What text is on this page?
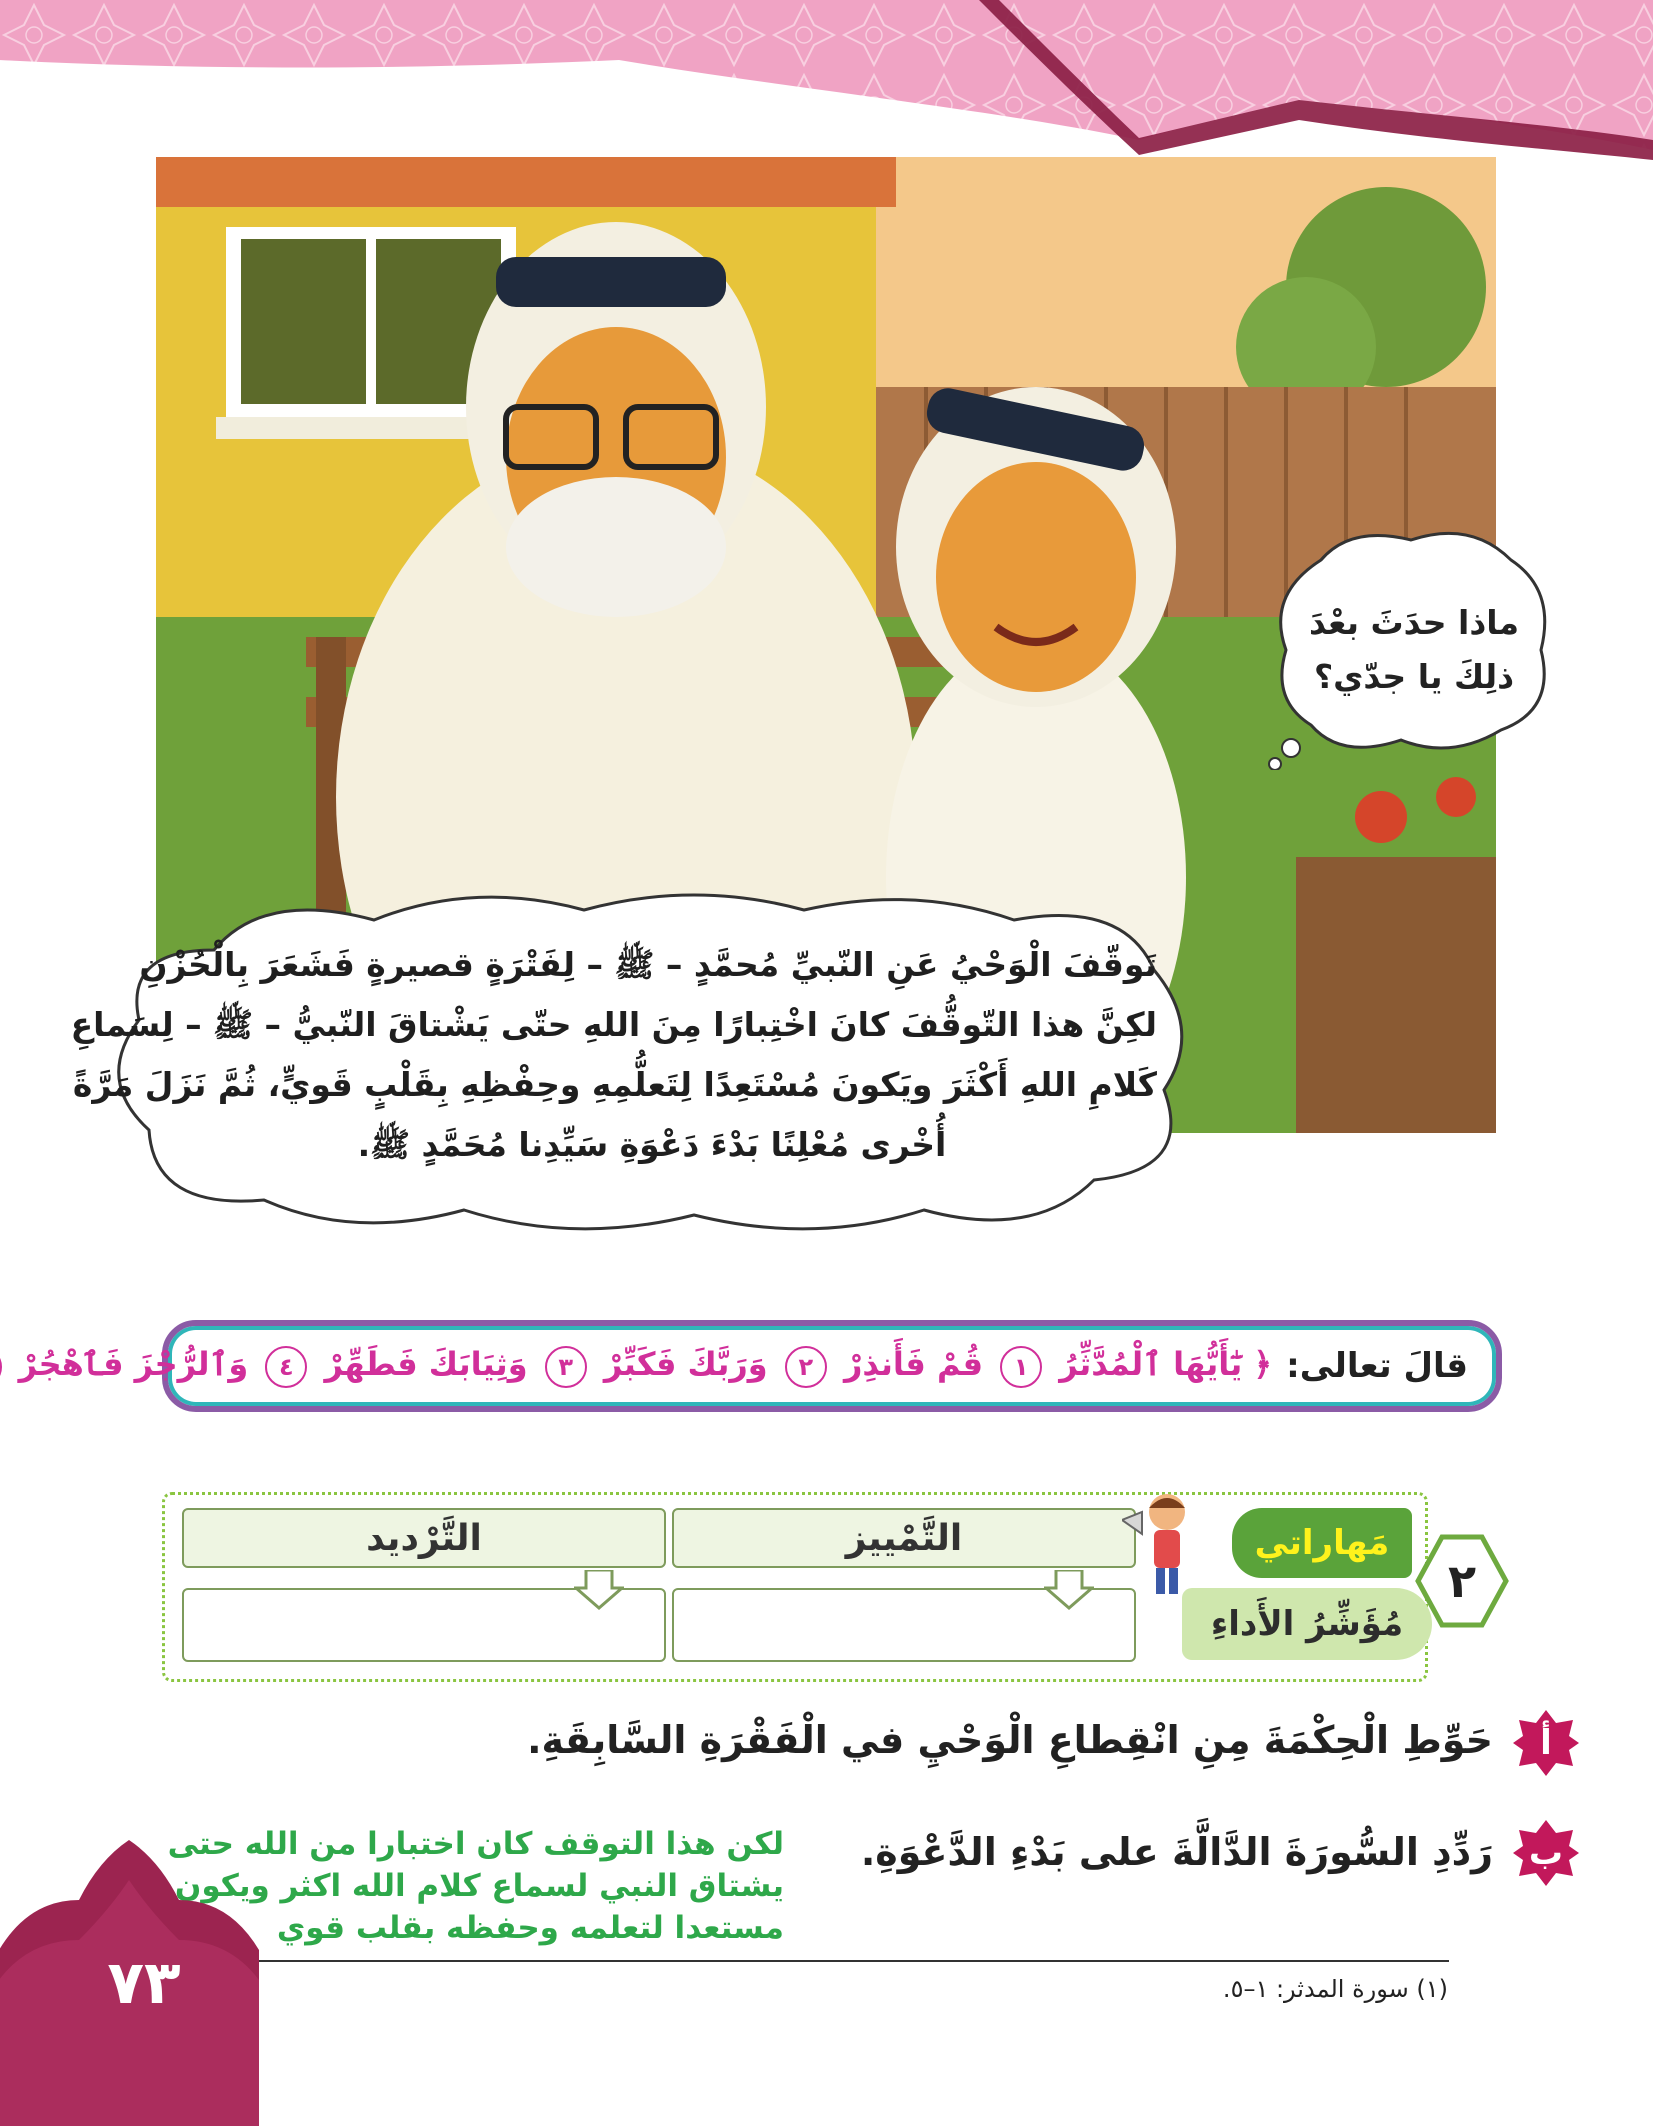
ماذا حدَثَ بعْدَ
ذلِكَ يا جدّي؟
تَوقّفَ الْوَحْيُ عَنِ النّبيِّ مُحمَّدٍ – ﷺ – لِفَتْرَةٍ قصيرةٍ فَشَعَرَ بِالْحُزْنِ
لكِنَّ هذا التّوقُّفَ كانَ اخْتِبارًا مِنَ اللهِ حتّى يَشْتاقَ النّبيُّ – ﷺ – لِسَماعِ
كَلامِ اللهِ أَكْثَرَ ويَكونَ مُسْتَعِدًا لِتَعلُّمِهِ وحِفْظِهِ بِقَلْبٍ قَويٍّ، ثُمَّ نَزَلَ مَرَّةً
أُخْرى مُعْلِنًا بَدْءَ دَعْوَةِ سَيِّدِنا مُحَمَّدٍ ﷺ.
قالَ تعالى:
﴿ يَٰٓأَيُّهَا ٱلْمُدَّثِّرُ ١ قُمْ فَأَنذِرْ ٢ وَرَبَّكَ فَكَبِّرْ ٣ وَثِيَابَكَ فَطَهِّرْ ٤ وَٱلرُّجْزَ فَٱهْجُرْ
التَّمْييز
التَّرْديد	مَهاراتي
مُؤَشِّرُ الأَداءِ
٢
أ
حَوِّطِ الْحِكْمَةَ مِنِ انْقِطاعِ الْوَحْيِ في الْفَقْرَةِ السَّابِقَةِ.
ب
رَدِّدِ السُّورَةَ الدَّالَّةَ على بَدْءِ الدَّعْوَةِ.
لكن هذا التوقف كان اختبارا من الله حتى يشتاق النبي لسماع كلام الله اكثر ويكون مستعدا لتعلمه وحفظه بقلب قوي
(١) سورة المدثر: ١–٥.
٧٣
